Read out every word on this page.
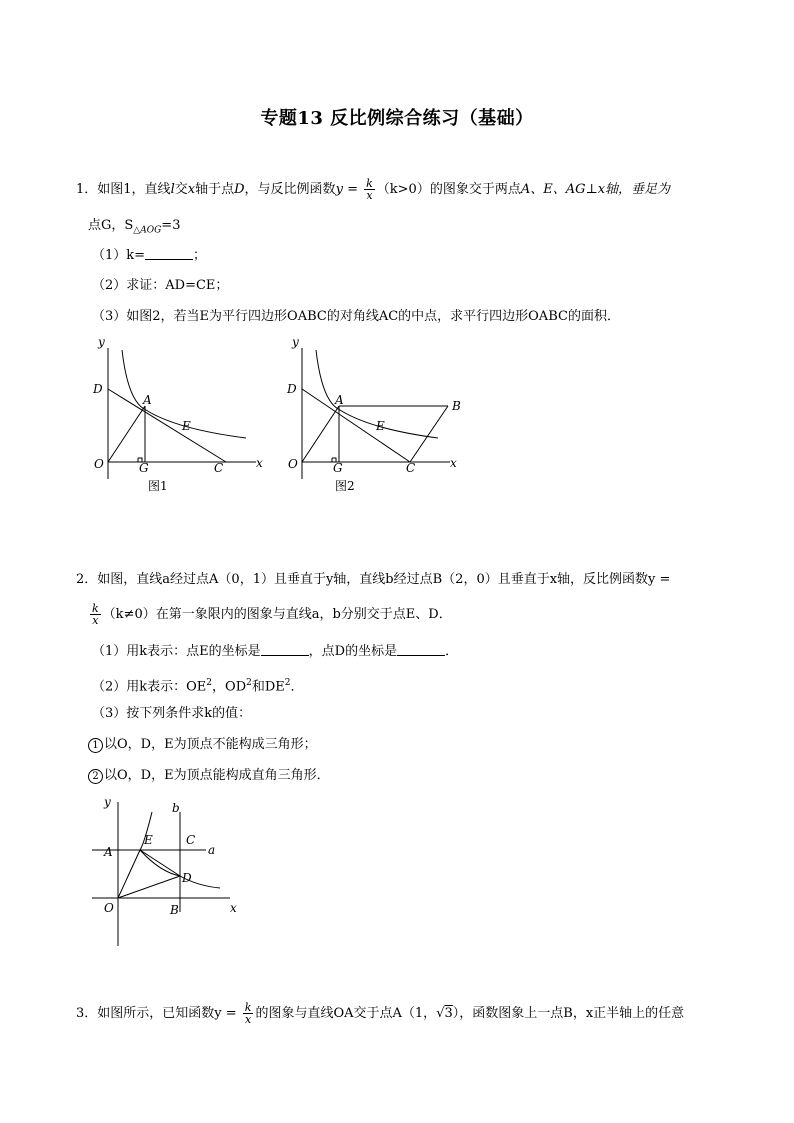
专题13 反比例综合练习（基础）
1．如图1，直线l交x轴于点D，与反比例函数$y = \frac{k}{x} (k>0)$的图象交于两点A、E、AG⊥x轴，垂足为
点G，$S_{\triangle AOG}=3$
（1）k=	；
（2）求证：AD=CE；
（3）如图2，若当E为平行四边形OABC的对角线AC的中点，求平行四边形OABC的面积．
y
x
O
D
A
E
G	C
图1
y
x
O
D
A
E
G	C
B
图2
2．如图，直线a经过点A（0，1）且垂直于y轴，直线b经过点B（2，0）且垂直于x轴，反比例函数y =
$\frac{k}{x} (k\ne 0)$在第一象限内的图象与直线a，b分别交于点E、D．
（1）用k表示：点E的坐标是	，点D的坐标是	．
（2）用k表示：$OE^2$，$OD^2$和$DE^2$．
（3）按下列条件求k的值：
1 以O，D，E为顶点不能构成三角形；
2 以O，D，E为顶点能构成直角三角形．
y	b
a
x
O
A
E	C
D
B
3．如图所示，已知函数$y = \frac{k}{x}$ 的图象与直线OA交于点A（1，√3），函数图象上一点B，x正半轴上的任意
